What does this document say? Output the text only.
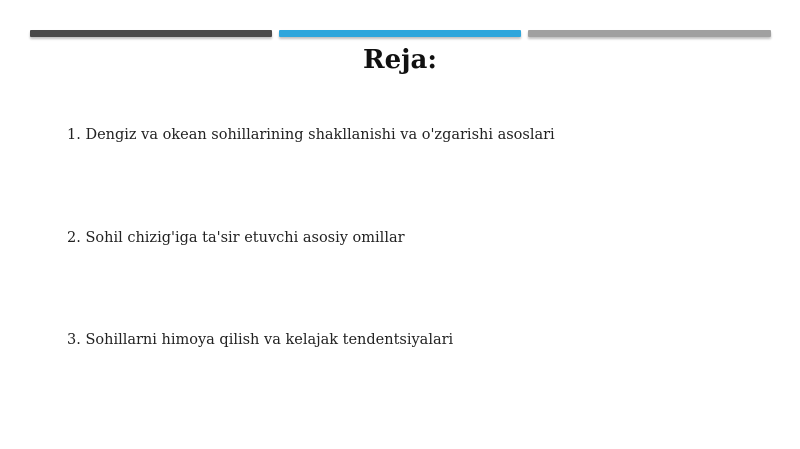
Reja:
1. Dengiz va okean sohillarining shakllanishi va o'zgarishi asoslari
2. Sohil chizig'iga ta'sir etuvchi asosiy omillar
3. Sohillarni himoya qilish va kelajak tendentsiyalari
